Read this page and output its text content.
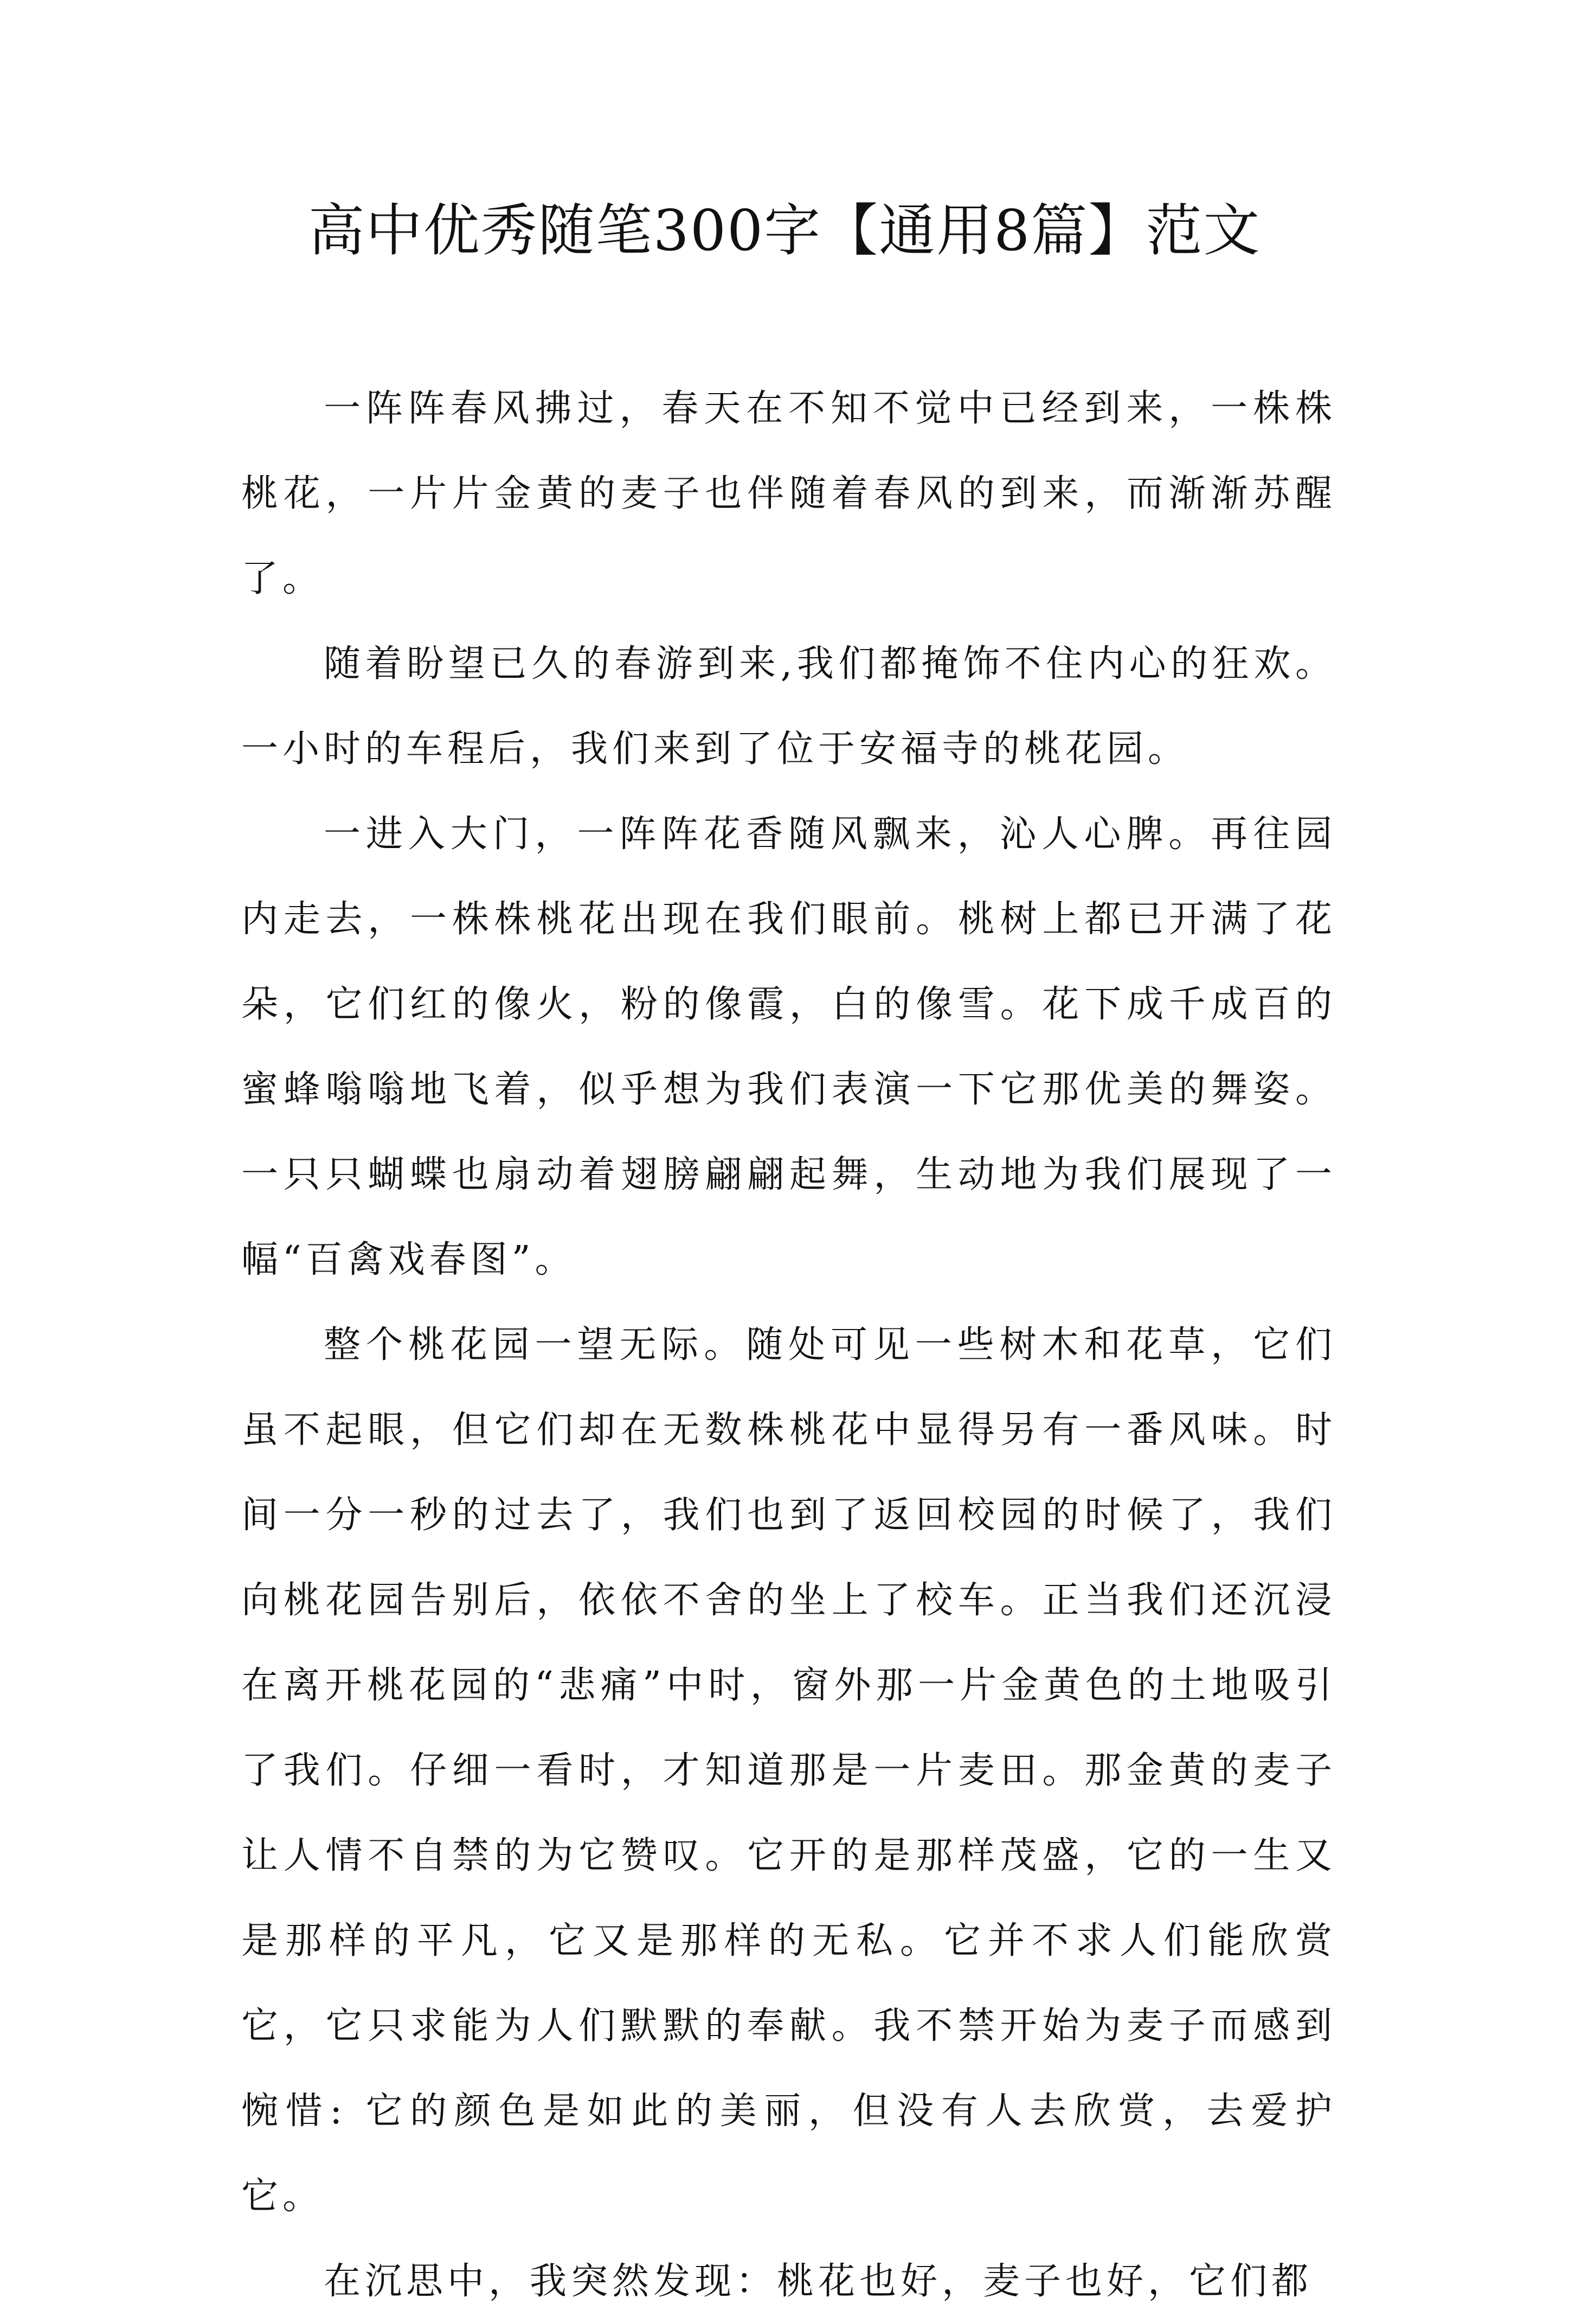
高中优秀随笔300字【通用8篇】范文

一阵阵春风拂过，春天在不知不觉中已经到来，一株株桃花，一片片金黄的麦子也伴随着春风的到来，而渐渐苏醒了。

随着盼望已久的春游到来,我们都掩饰不住内心的狂欢。一小时的车程后，我们来到了位于安福寺的桃花园。

一进入大门，一阵阵花香随风飘来，沁人心脾。再往园内走去，一株株桃花出现在我们眼前。桃树上都已开满了花朵，它们红的像火，粉的像霞，白的像雪。花下成千成百的蜜蜂嗡嗡地飞着，似乎想为我们表演一下它那优美的舞姿。一只只蝴蝶也扇动着翅膀翩翩起舞，生动地为我们展现了一幅“百禽戏春图”。

整个桃花园一望无际。随处可见一些树木和花草，它们虽不起眼，但它们却在无数株桃花中显得另有一番风味。时间一分一秒的过去了，我们也到了返回校园的时候了，我们向桃花园告别后，依依不舍的坐上了校车。正当我们还沉浸在离开桃花园的“悲痛”中时，窗外那一片金黄色的土地吸引了我们。仔细一看时，才知道那是一片麦田。那金黄的麦子让人情不自禁的为它赞叹。它开的是那样茂盛，它的一生又是那样的平凡，它又是那样的无私。它并不求人们能欣赏它，它只求能为人们默默的奉献。我不禁开始为麦子而感到惋惜: 它的颜色是如此的美丽，但没有人去欣赏，去爱护它。

在沉思中，我突然发现：桃花也好，麦子也好，它们都
